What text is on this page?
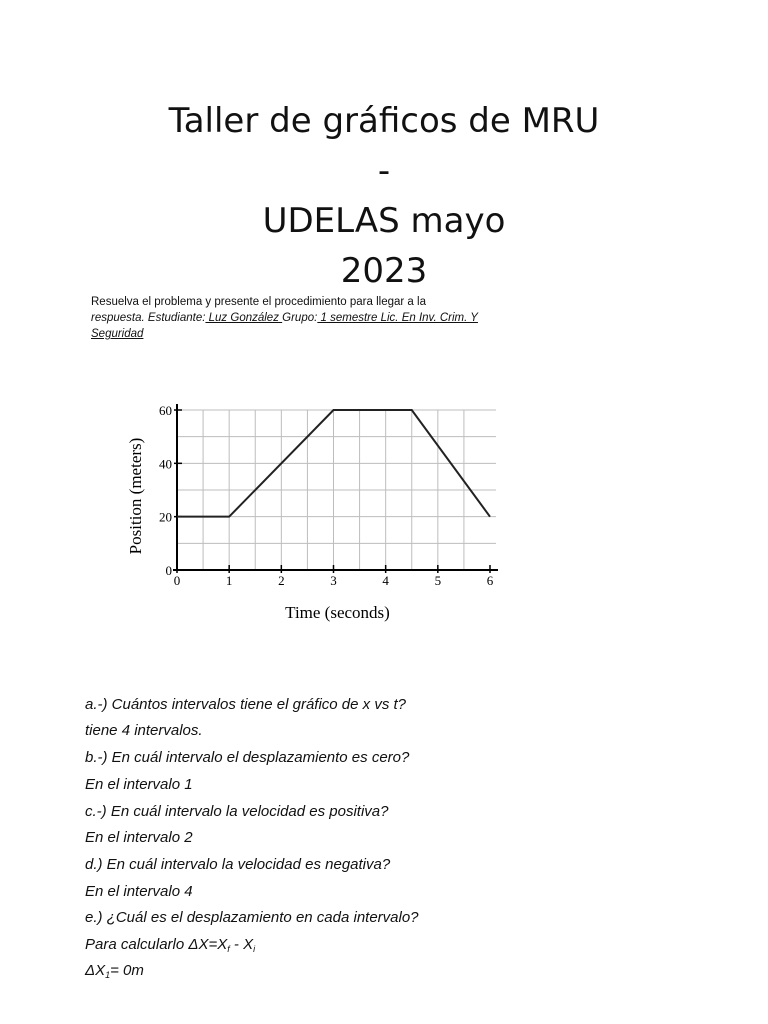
Taller de gráficos de MRU
-
UDELAS mayo
2023
Resuelva el problema y presente el procedimiento para llegar a la
respuesta. Estudiante: Luz González Grupo: 1 semestre Lic. En Inv. Crim. Y
Seguridad
0	1	2	3	4	5	6
0
20
40
60
Time (seconds)
Position (meters)
a.-) Cuántos intervalos tiene el gráfico de x vs t?
tiene 4 intervalos.
b.-) En cuál intervalo el desplazamiento es cero?
En el intervalo 1
c.-) En cuál intervalo la velocidad es positiva?
En el intervalo 2
d.) En cuál intervalo la velocidad es negativa?
En el intervalo 4
e.) ¿Cuál es el desplazamiento en cada intervalo?
Para calcularlo $\Delta X=X_f - X_i$
$\Delta X_1= 0m$
